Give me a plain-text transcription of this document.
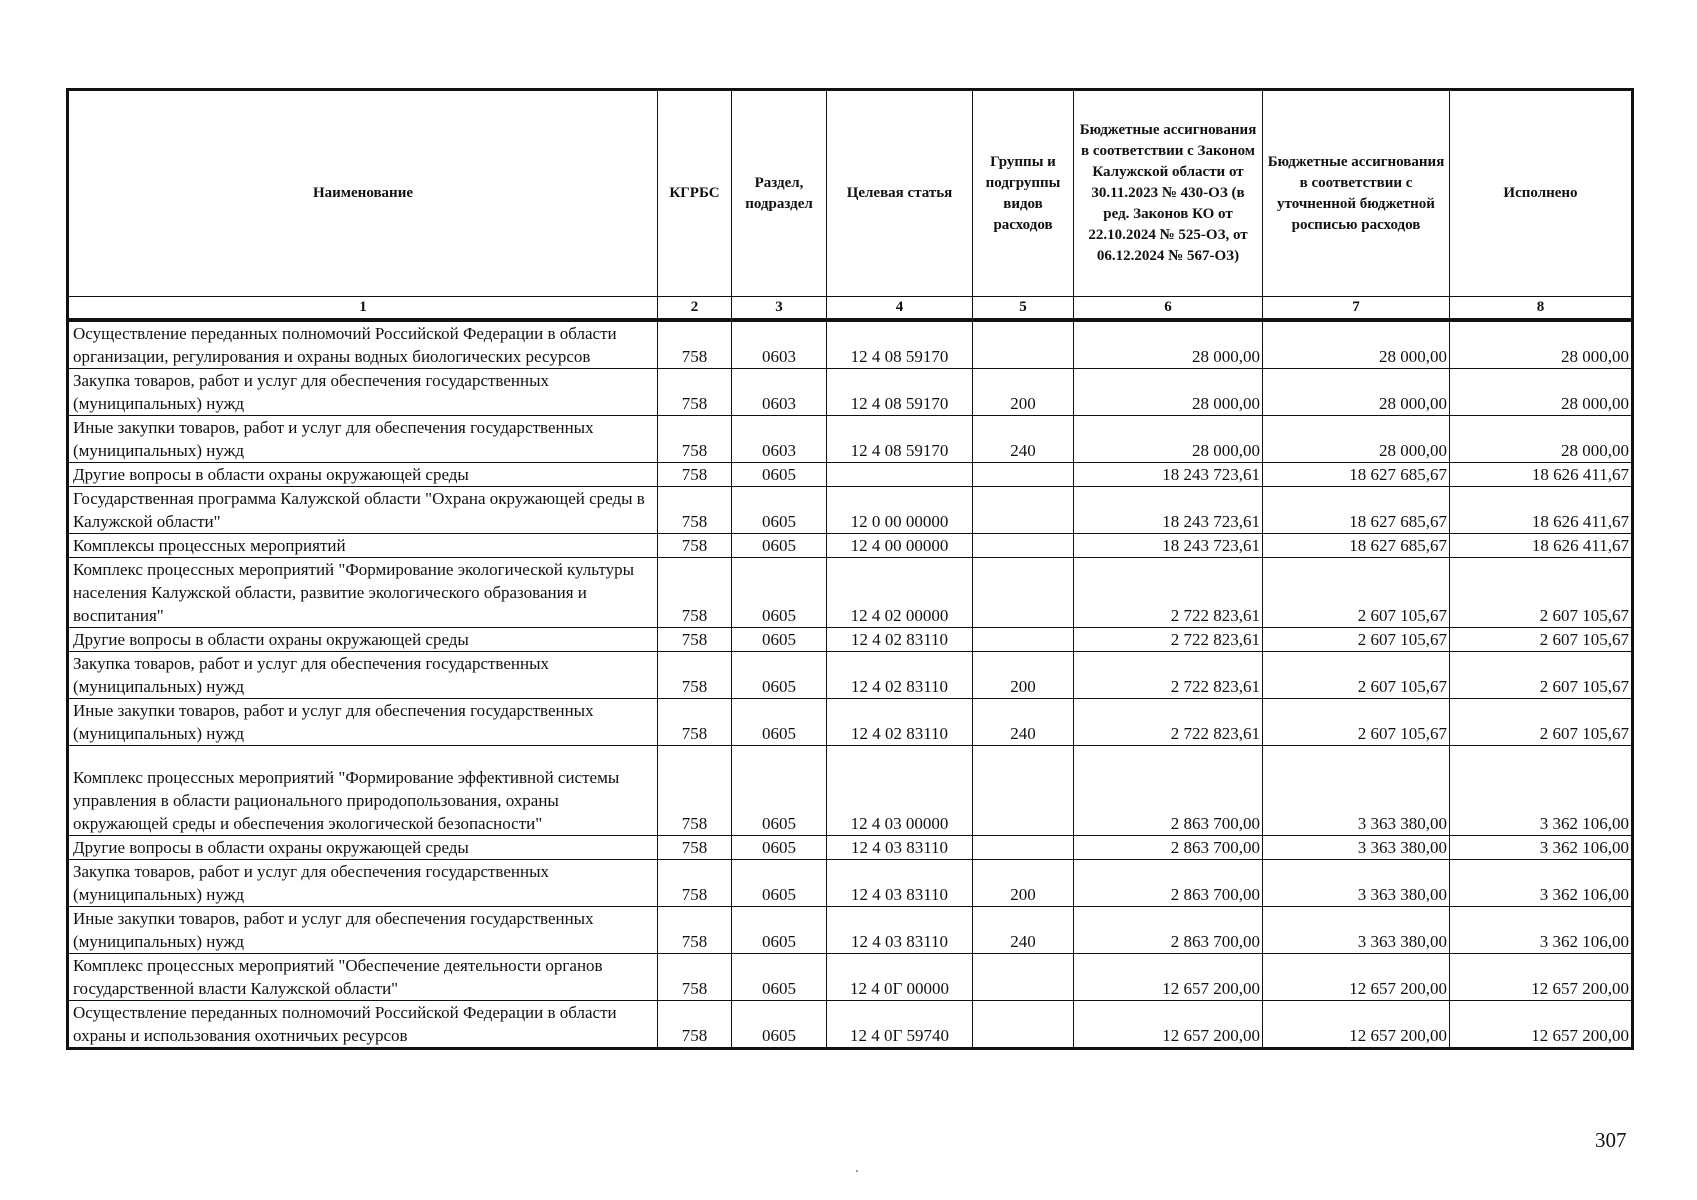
Наименование	КГРБС	Раздел, подраздел	Целевая статья	Группы и подгруппы видов расходов	Бюджетные ассигнования в соответствии с Законом Калужской области от 30.11.2023 № 430-ОЗ (в ред. Законов КО от 22.10.2024 № 525-ОЗ, от 06.12.2024 № 567-ОЗ)	Бюджетные ассигнования в соответствии с уточненной бюджетной росписью расходов	Исполнено
1	2	3	4	5	6	7	8
Осуществление переданных полномочий Российской Федерации в области организации, регулирования и охраны водных биологических ресурсов	758	0603	12 4 08 59170		28 000,00	28 000,00	28 000,00
Закупка товаров, работ и услуг для обеспечения государственных (муниципальных) нужд	758	0603	12 4 08 59170	200	28 000,00	28 000,00	28 000,00
Иные закупки товаров, работ и услуг для обеспечения государственных (муниципальных) нужд	758	0603	12 4 08 59170	240	28 000,00	28 000,00	28 000,00
Другие вопросы в области охраны окружающей среды	758	0605			18 243 723,61	18 627 685,67	18 626 411,67
Государственная программа Калужской области "Охрана окружающей среды в Калужской области"	758	0605	12 0 00 00000		18 243 723,61	18 627 685,67	18 626 411,67
Комплексы процессных мероприятий	758	0605	12 4 00 00000		18 243 723,61	18 627 685,67	18 626 411,67
Комплекс процессных мероприятий "Формирование экологической культуры населения Калужской области, развитие экологического образования и воспитания"	758	0605	12 4 02 00000		2 722 823,61	2 607 105,67	2 607 105,67
Другие вопросы в области охраны окружающей среды	758	0605	12 4 02 83110		2 722 823,61	2 607 105,67	2 607 105,67
Закупка товаров, работ и услуг для обеспечения государственных (муниципальных) нужд	758	0605	12 4 02 83110	200	2 722 823,61	2 607 105,67	2 607 105,67
Иные закупки товаров, работ и услуг для обеспечения государственных (муниципальных) нужд	758	0605	12 4 02 83110	240	2 722 823,61	2 607 105,67	2 607 105,67
Комплекс процессных мероприятий "Формирование эффективной системы управления в области рационального природопользования, охраны окружающей среды и обеспечения экологической безопасности"	758	0605	12 4 03 00000		2 863 700,00	3 363 380,00	3 362 106,00
Другие вопросы в области охраны окружающей среды	758	0605	12 4 03 83110		2 863 700,00	3 363 380,00	3 362 106,00
Закупка товаров, работ и услуг для обеспечения государственных (муниципальных) нужд	758	0605	12 4 03 83110	200	2 863 700,00	3 363 380,00	3 362 106,00
Иные закупки товаров, работ и услуг для обеспечения государственных (муниципальных) нужд	758	0605	12 4 03 83110	240	2 863 700,00	3 363 380,00	3 362 106,00
Комплекс процессных мероприятий "Обеспечение деятельности органов государственной власти Калужской области"	758	0605	12 4 0Г 00000		12 657 200,00	12 657 200,00	12 657 200,00
Осуществление переданных полномочий Российской Федерации в области охраны и использования охотничьих ресурсов	758	0605	12 4 0Г 59740		12 657 200,00	12 657 200,00	12 657 200,00
307
